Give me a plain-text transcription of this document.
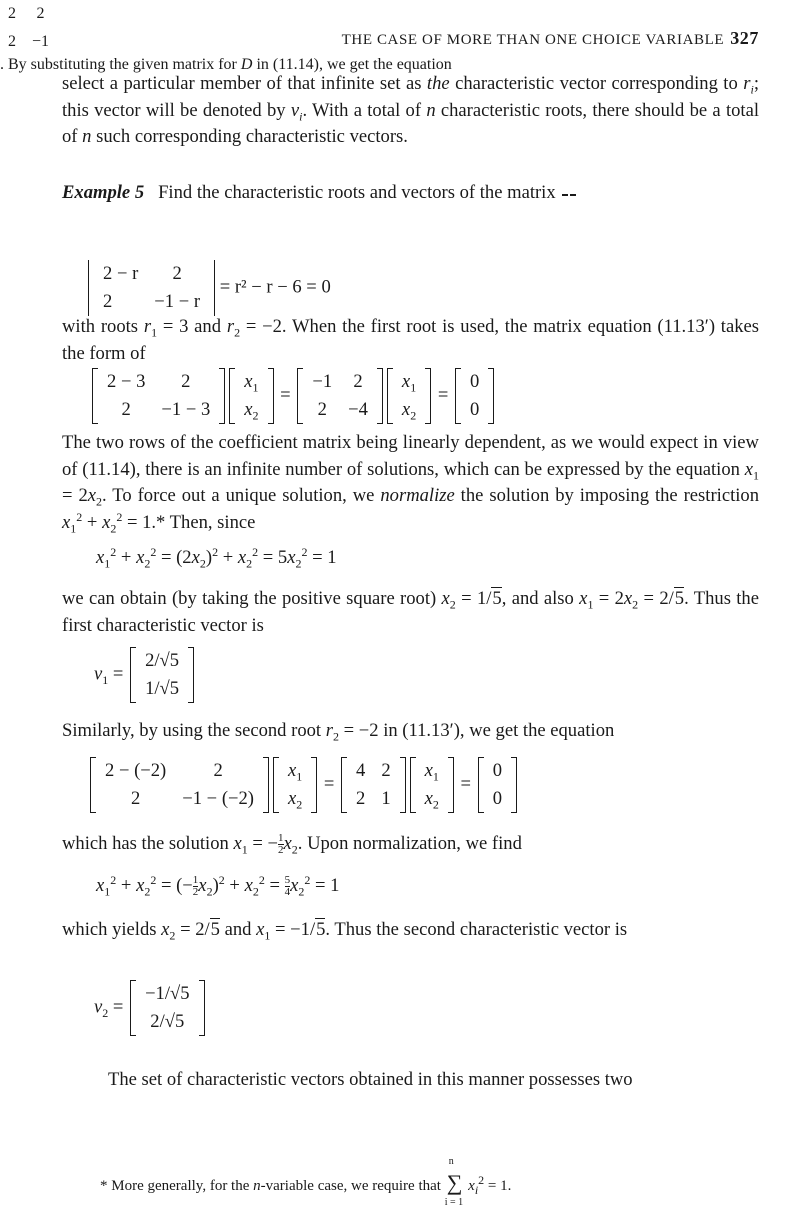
THE CASE OF MORE THAN ONE CHOICE VARIABLE 327

select a particular member of that infinite set as the characteristic vector corresponding to $r_i$; this vector will be denoted by $v_i$. With a total of n characteristic roots, there should be a total of n such corresponding characteristic vectors.

Example 5 Find the characteristic roots and vectors of the matrix

2	2
2	−1
. By substituting the given matrix for D in (11.14), we get the equation

2 − r	2
2	−1 − r
= r² − r − 6 = 0

with roots $r_1 = 3$ and $r_2 = -2$. When the first root is used, the matrix equation (11.13′) takes the form of

2 − 3	2
2	−1 − 3
$x_1$
$x_2$
=
−1	2
2	−4
$x_1$
$x_2$
=
0
0

The two rows of the coefficient matrix being linearly dependent, as we would expect in view of (11.14), there is an infinite number of solutions, which can be expressed by the equation $x_1 = 2x_2$. To force out a unique solution, we normalize the solution by imposing the restriction $x_1^2 + x_2^2 = 1.*$ Then, since

$x_1^2 + x_2^2 = (2x_2)^2 + x_2^2 = 5x_2^2 = 1$

we can obtain (by taking the positive square root) $x_2 = 1/5$, and also $x_1 = 2x_2 = 2/5$. Thus the first characteristic vector is

$v_1$ =
2/√5
1/√5

Similarly, by using the second root $r_2 = -2$ in (11.13′), we get the equation

2 − (−2)	2
2	−1 − (−2)
$x_1$
$x_2$
=
4	2
2	1
$x_1$
$x_2$
=
0
0

which has the solution $x_1$ = − $\frac{1}{2} x_2$. Upon normalization, we find

$x_1^2 + x_2^2$ = (− $\frac{1}{2} x_2)^2 + x_2^2 = \frac{5}{4} x_2^2 = 1$

which yields $x_2 = 2/5$ and $x_1 = -1/5$. Thus the second characteristic vector is

$v_2$ =
−1/√5
2/√5

The set of characteristic vectors obtained in this manner possesses two

* More generally, for the n-variable case, we require that ∑
n
i = 1
$x_i^2 = 1$.
